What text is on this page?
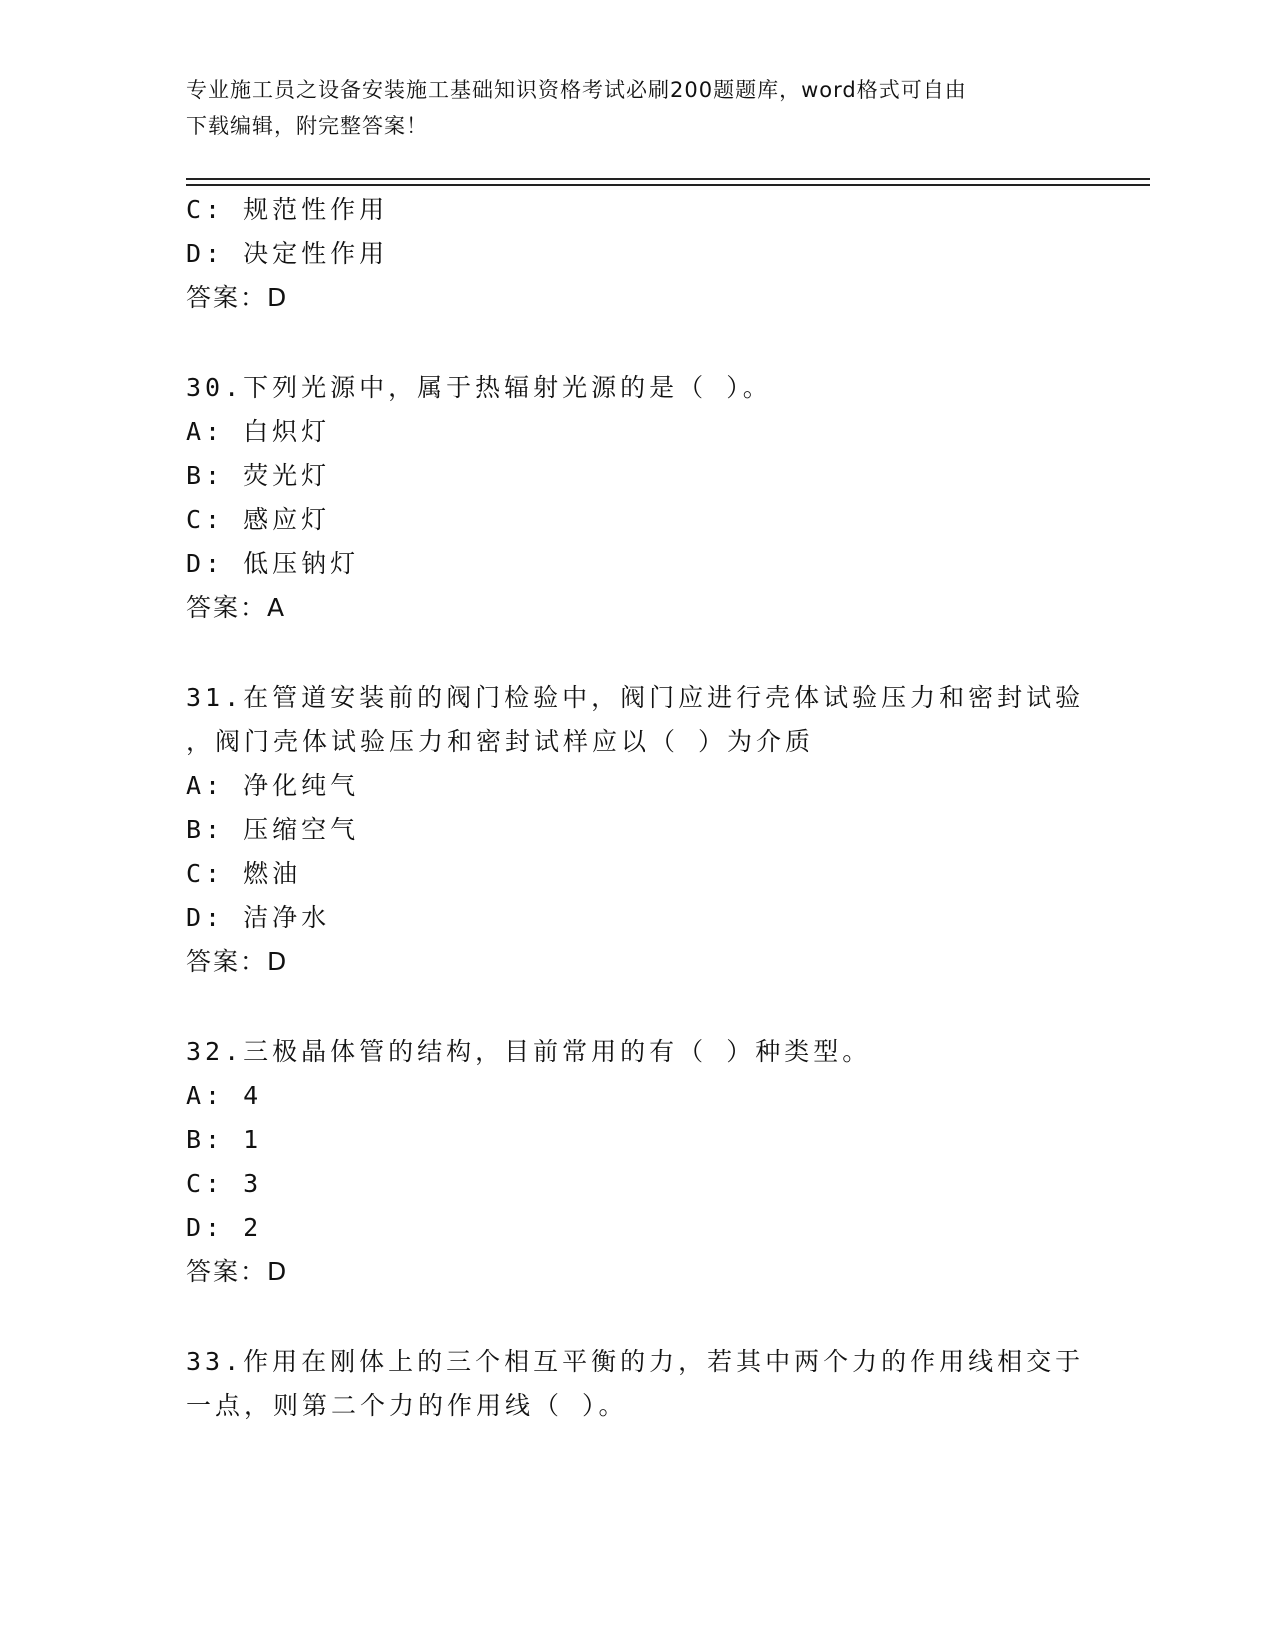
专业施工员之设备安装施工基础知识资格考试必刷200题题库，word格式可自由
下载编辑，附完整答案！
C: 规范性作用
D: 决定性作用
答案：D
30.下列光源中，属于热辐射光源的是（ ）。
A: 白炽灯
B: 荧光灯
C: 感应灯
D: 低压钠灯
答案：A
31.在管道安装前的阀门检验中，阀门应进行壳体试验压力和密封试验
，阀门壳体试验压力和密封试样应以（ ）为介质
A: 净化纯气
B: 压缩空气
C: 燃油
D: 洁净水
答案：D
32.三极晶体管的结构，目前常用的有（ ）种类型。
A: 4
B: 1
C: 3
D: 2
答案：D
33.作用在刚体上的三个相互平衡的力，若其中两个力的作用线相交于
一点，则第二个力的作用线（ ）。
